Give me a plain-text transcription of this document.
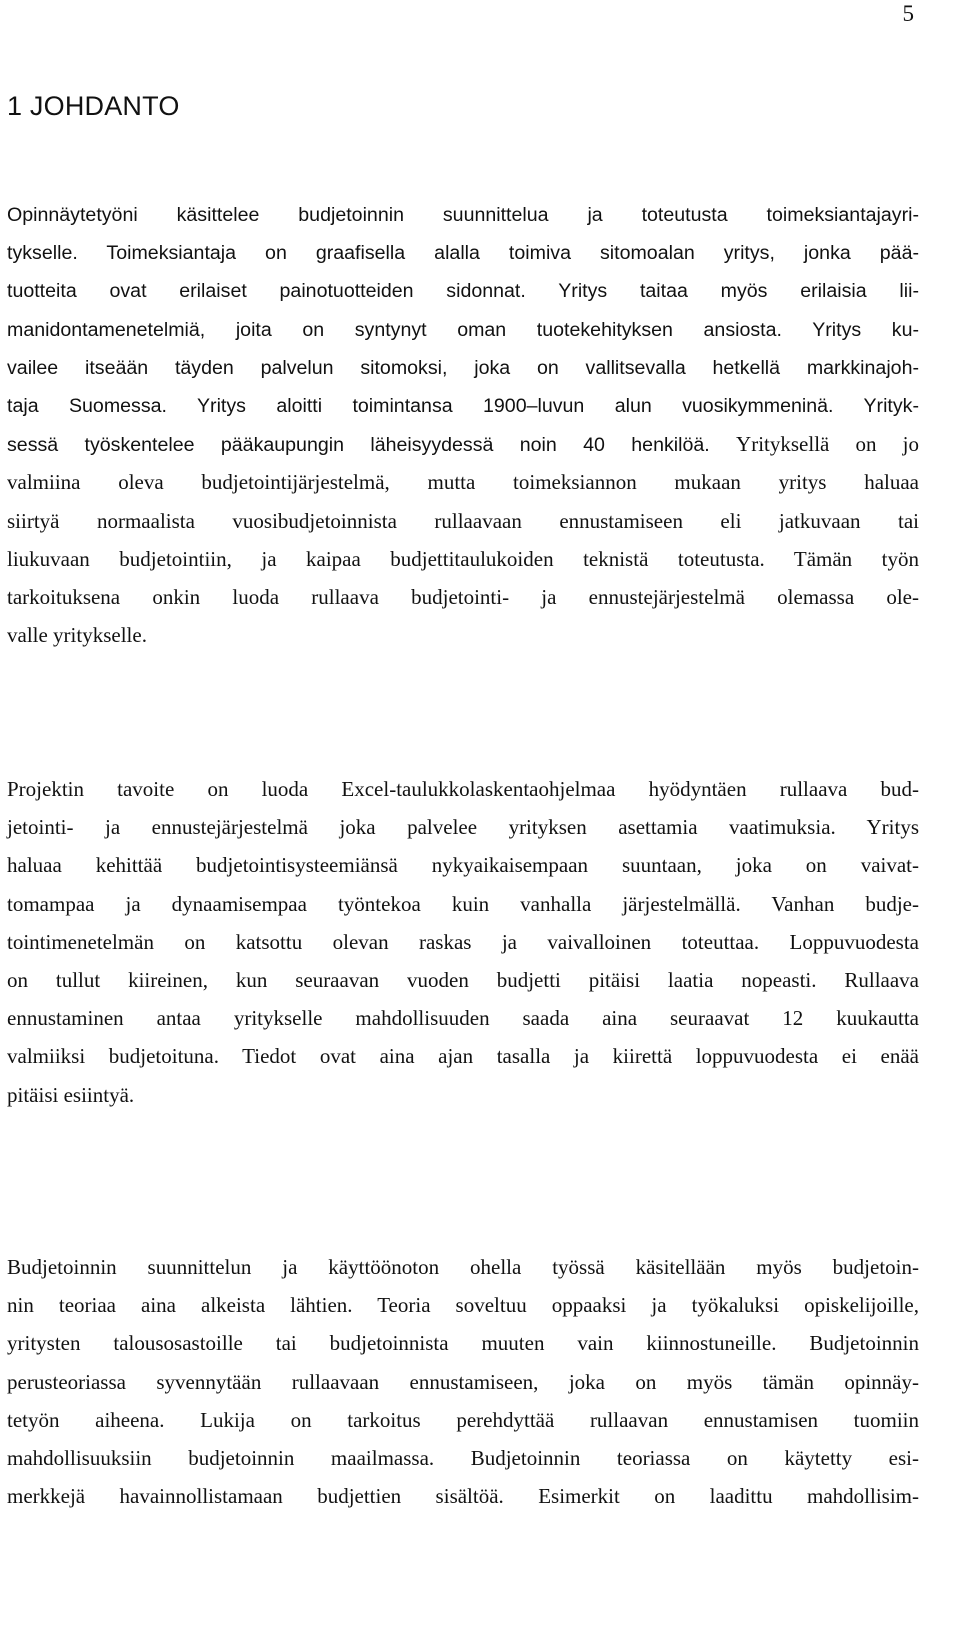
5
1 JOHDANTO
Opinnäytetyöni käsittelee budjetoinnin suunnittelua ja toteutusta toimeksiantajayri-
tykselle. Toimeksiantaja on graafisella alalla toimiva sitomoalan yritys, jonka pää-
tuotteita ovat erilaiset painotuotteiden sidonnat. Yritys taitaa myös erilaisia lii-
manidontamenetelmiä, joita on syntynyt oman tuotekehityksen ansiosta. Yritys ku-
vailee itseään täyden palvelun sitomoksi, joka on vallitsevalla hetkellä markkinajoh-
taja Suomessa. Yritys aloitti toimintansa 1900–luvun alun vuosikymmeninä. Yrityk-
sessä työskentelee pääkaupungin läheisyydessä noin 40 henkilöä. Yrityksellä on jo
valmiina oleva budjetointijärjestelmä, mutta toimeksiannon mukaan yritys haluaa
siirtyä normaalista vuosibudjetoinnista rullaavaan ennustamiseen eli jatkuvaan tai
liukuvaan budjetointiin, ja kaipaa budjettitaulukoiden teknistä toteutusta. Tämän työn
tarkoituksena onkin luoda rullaava budjetointi- ja ennustejärjestelmä olemassa ole-
valle yritykselle.
Projektin tavoite on luoda Excel-taulukkolaskentaohjelmaa hyödyntäen rullaava bud-
jetointi- ja ennustejärjestelmä joka palvelee yrityksen asettamia vaatimuksia. Yritys
haluaa kehittää budjetointisysteemiänsä nykyaikaisempaan suuntaan, joka on vaivat-
tomampaa ja dynaamisempaa työntekoa kuin vanhalla järjestelmällä. Vanhan budje-
tointimenetelmän on katsottu olevan raskas ja vaivalloinen toteuttaa. Loppuvuodesta
on tullut kiireinen, kun seuraavan vuoden budjetti pitäisi laatia nopeasti. Rullaava
ennustaminen antaa yritykselle mahdollisuuden saada aina seuraavat 12 kuukautta
valmiiksi budjetoituna. Tiedot ovat aina ajan tasalla ja kiirettä loppuvuodesta ei enää
pitäisi esiintyä.
Budjetoinnin suunnittelun ja käyttöönoton ohella työssä käsitellään myös budjetoin-
nin teoriaa aina alkeista lähtien. Teoria soveltuu oppaaksi ja työkaluksi opiskelijoille,
yritysten talousosastoille tai budjetoinnista muuten vain kiinnostuneille. Budjetoinnin
perusteoriassa syvennytään rullaavaan ennustamiseen, joka on myös tämän opinnäy-
tetyön aiheena. Lukija on tarkoitus perehdyttää rullaavan ennustamisen tuomiin
mahdollisuuksiin budjetoinnin maailmassa. Budjetoinnin teoriassa on käytetty esi-
merkkejä havainnollistamaan budjettien sisältöä. Esimerkit on laadittu mahdollisim-
